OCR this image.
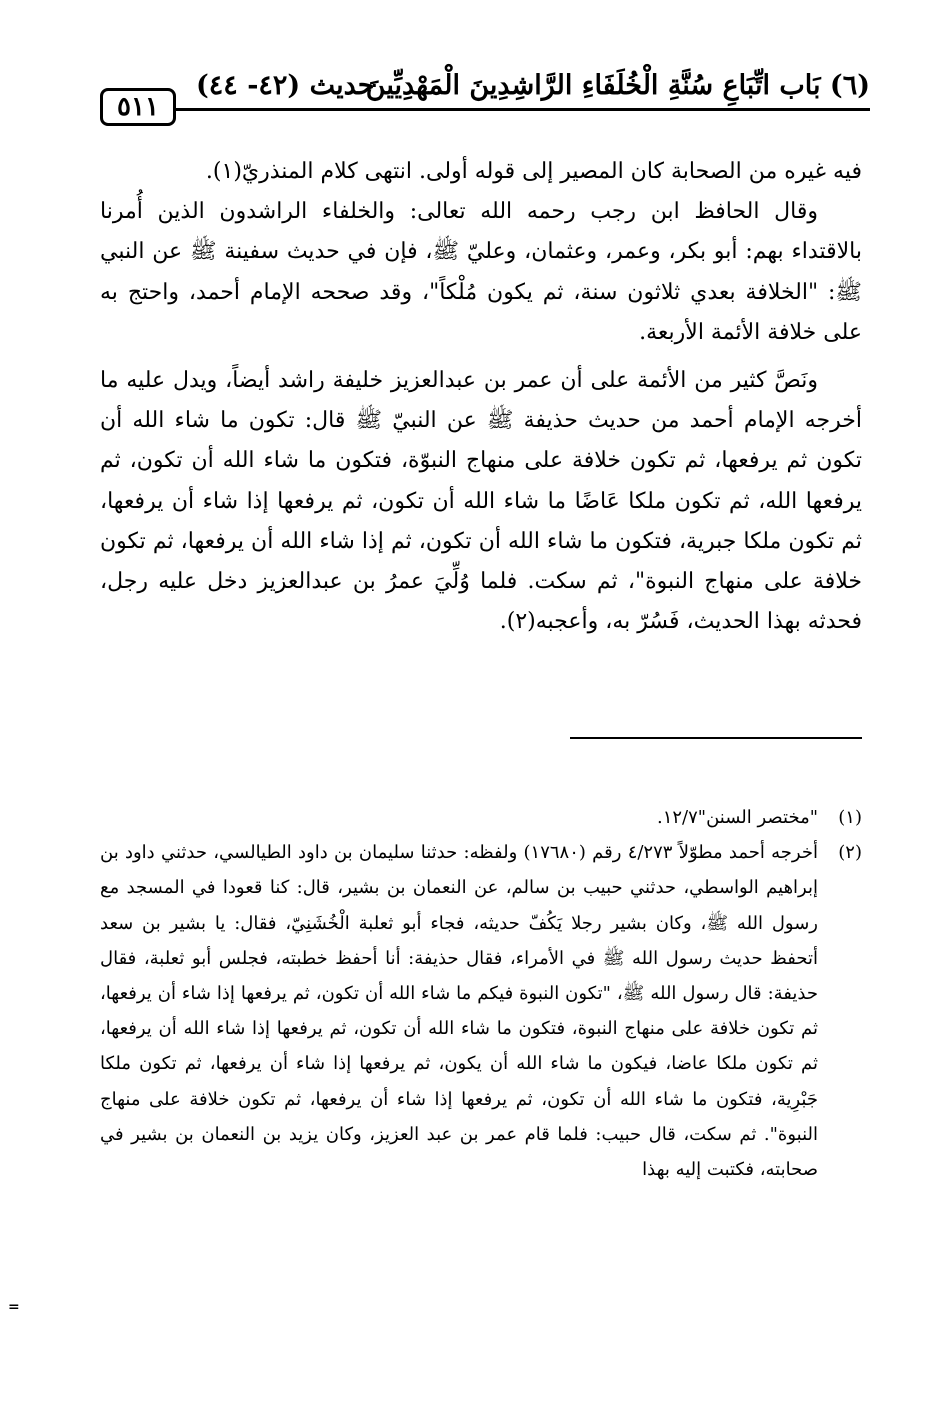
٥١١
حديث (٤٢- ٤٤)
(٦) بَاب اتِّبَاعِ سُنَّةِ الْخُلَفَاءِ الرَّاشِدِينَ الْمَهْدِيِّينَ

فيه غيره من الصحابة كان المصير إلى قوله أولى. انتهى كلام المنذريّ(١).

وقال الحافظ ابن رجب رحمه الله تعالى: والخلفاء الراشدون الذين أُمرنا بالاقتداء بهم: أبو بكر، وعمر، وعثمان، وعليّ ﷺ، فإن في حديث سفينة ﷺ عن النبي ﷺ: "الخلافة بعدي ثلاثون سنة، ثم يكون مُلْكاً"، وقد صححه الإمام أحمد، واحتج به على خلافة الأئمة الأربعة.

ونَصَّ كثير من الأئمة على أن عمر بن عبدالعزيز خليفة راشد أيضاً، ويدل عليه ما أخرجه الإمام أحمد من حديث حذيفة ﷺ عن النبيّ ﷺ قال: تكون ما شاء الله أن تكون ثم يرفعها، ثم تكون خلافة على منهاج النبوّة، فتكون ما شاء الله أن تكون، ثم يرفعها الله، ثم تكون ملكا عَاضًا ما شاء الله أن تكون، ثم يرفعها إذا شاء أن يرفعها، ثم تكون ملكا جبرية، فتكون ما شاء الله أن تكون، ثم إذا شاء الله أن يرفعها، ثم تكون خلافة على منهاج النبوة"، ثم سكت. فلما وُلِّيَ عمرُ بن عبدالعزيز دخل عليه رجل، فحدثه بهذا الحديث، فَسُرّ به، وأعجبه(٢).

(١)
"مختصر السنن"١٢/٧.
(٢)
أخرجه أحمد مطوّلاً ٤/٢٧٣ رقم (١٧٦٨٠) ولفظه: حدثنا سليمان بن داود الطيالسي، حدثني داود بن إبراهيم الواسطي، حدثني حبيب بن سالم، عن النعمان بن بشير، قال: كنا قعودا في المسجد مع رسول الله ﷺ، وكان بشير رجلا يَكُفّ حديثه، فجاء أبو ثعلبة الْخُشَنِيّ، فقال: يا بشير بن سعد أتحفظ حديث رسول الله ﷺ في الأمراء، فقال حذيفة: أنا أحفظ خطبته، فجلس أبو ثعلبة، فقال حذيفة: قال رسول الله ﷺ، "تكون النبوة فيكم ما شاء الله أن تكون، ثم يرفعها إذا شاء أن يرفعها، ثم تكون خلافة على منهاج النبوة، فتكون ما شاء الله أن تكون، ثم يرفعها إذا شاء الله أن يرفعها، ثم تكون ملكا عاضا، فيكون ما شاء الله أن يكون، ثم يرفعها إذا شاء أن يرفعها، ثم تكون ملكا جَبْرِية، فتكون ما شاء الله أن تكون، ثم يرفعها إذا شاء أن يرفعها، ثم تكون خلافة على منهاج النبوة". ثم سكت، قال حبيب: فلما قام عمر بن عبد العزيز، وكان يزيد بن النعمان بن بشير في صحابته، فكتبت إليه بهذا
=
